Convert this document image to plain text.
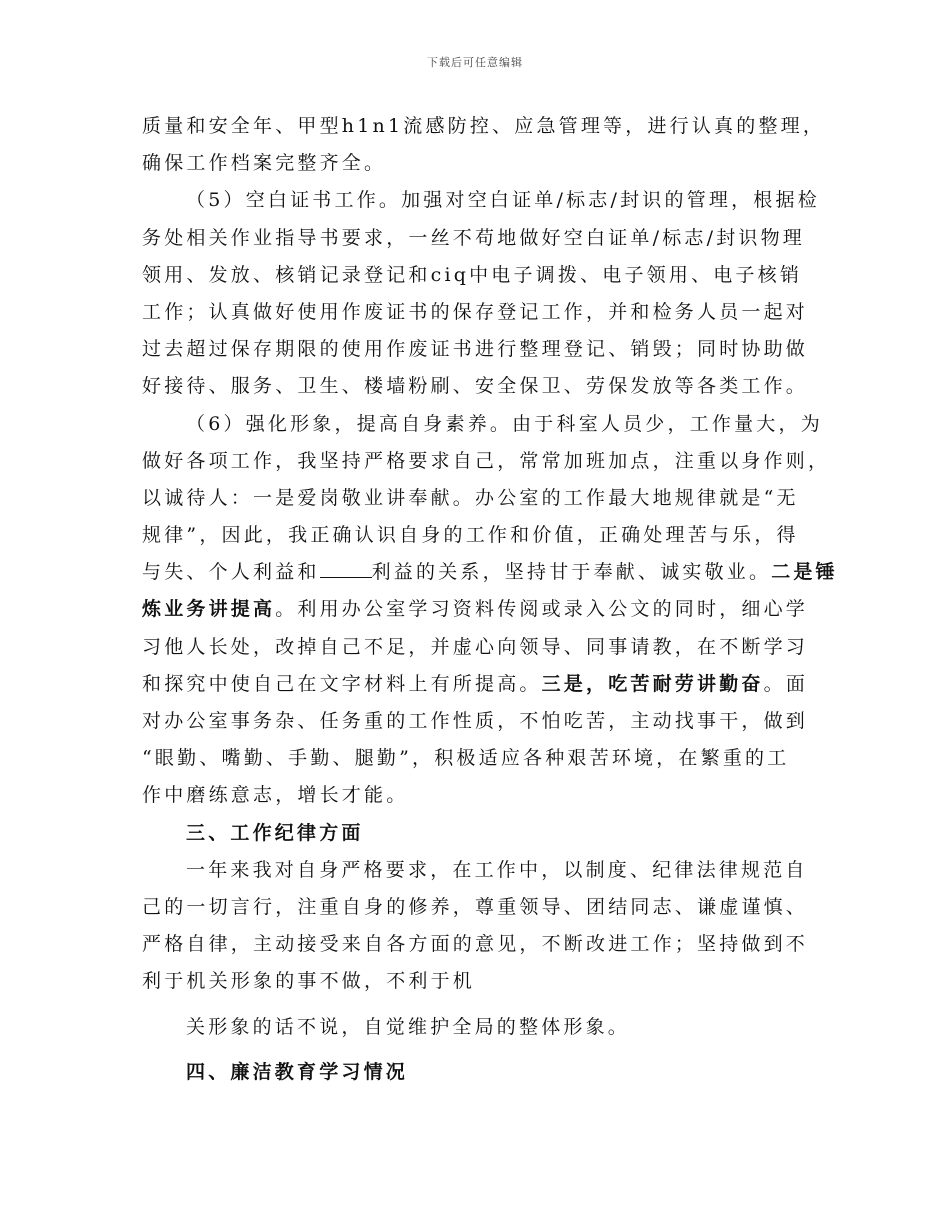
下载后可任意编辑
质量和安全年、甲型h1n1流感防控、应急管理等，进行认真的整理，
确保工作档案完整齐全。
（5）空白证书工作。加强对空白证单/标志/封识的管理，根据检
务处相关作业指导书要求，一丝不苟地做好空白证单/标志/封识物理
领用、发放、核销记录登记和ciq中电子调拨、电子领用、电子核销
工作；认真做好使用作废证书的保存登记工作，并和检务人员一起对
过去超过保存期限的使用作废证书进行整理登记、销毁；同时协助做
好接待、服务、卫生、楼墙粉刷、安全保卫、劳保发放等各类工作。
（6）强化形象，提高自身素养。由于科室人员少，工作量大，为
做好各项工作，我坚持严格要求自己，常常加班加点，注重以身作则，
以诚待人：一是爱岗敬业讲奉献。办公室的工作最大地规律就是“无
规律”，因此，我正确认识自身的工作和价值，正确处理苦与乐，得
与失、个人利益和	利益的关系，坚持甘于奉献、诚实敬业。二是锤
炼业务讲提高。利用办公室学习资料传阅或录入公文的同时，细心学
习他人长处，改掉自己不足，并虚心向领导、同事请教，在不断学习
和探究中使自己在文字材料上有所提高。三是，吃苦耐劳讲勤奋。面
对办公室事务杂、任务重的工作性质，不怕吃苦，主动找事干，做到
“眼勤、嘴勤、手勤、腿勤”，积极适应各种艰苦环境，在繁重的工
作中磨练意志，增长才能。
三、工作纪律方面
一年来我对自身严格要求，在工作中，以制度、纪律法律规范自
己的一切言行，注重自身的修养，尊重领导、团结同志、谦虚谨慎、
严格自律，主动接受来自各方面的意见，不断改进工作；坚持做到不
利于机关形象的事不做，不利于机
关形象的话不说，自觉维护全局的整体形象。
四、廉洁教育学习情况
